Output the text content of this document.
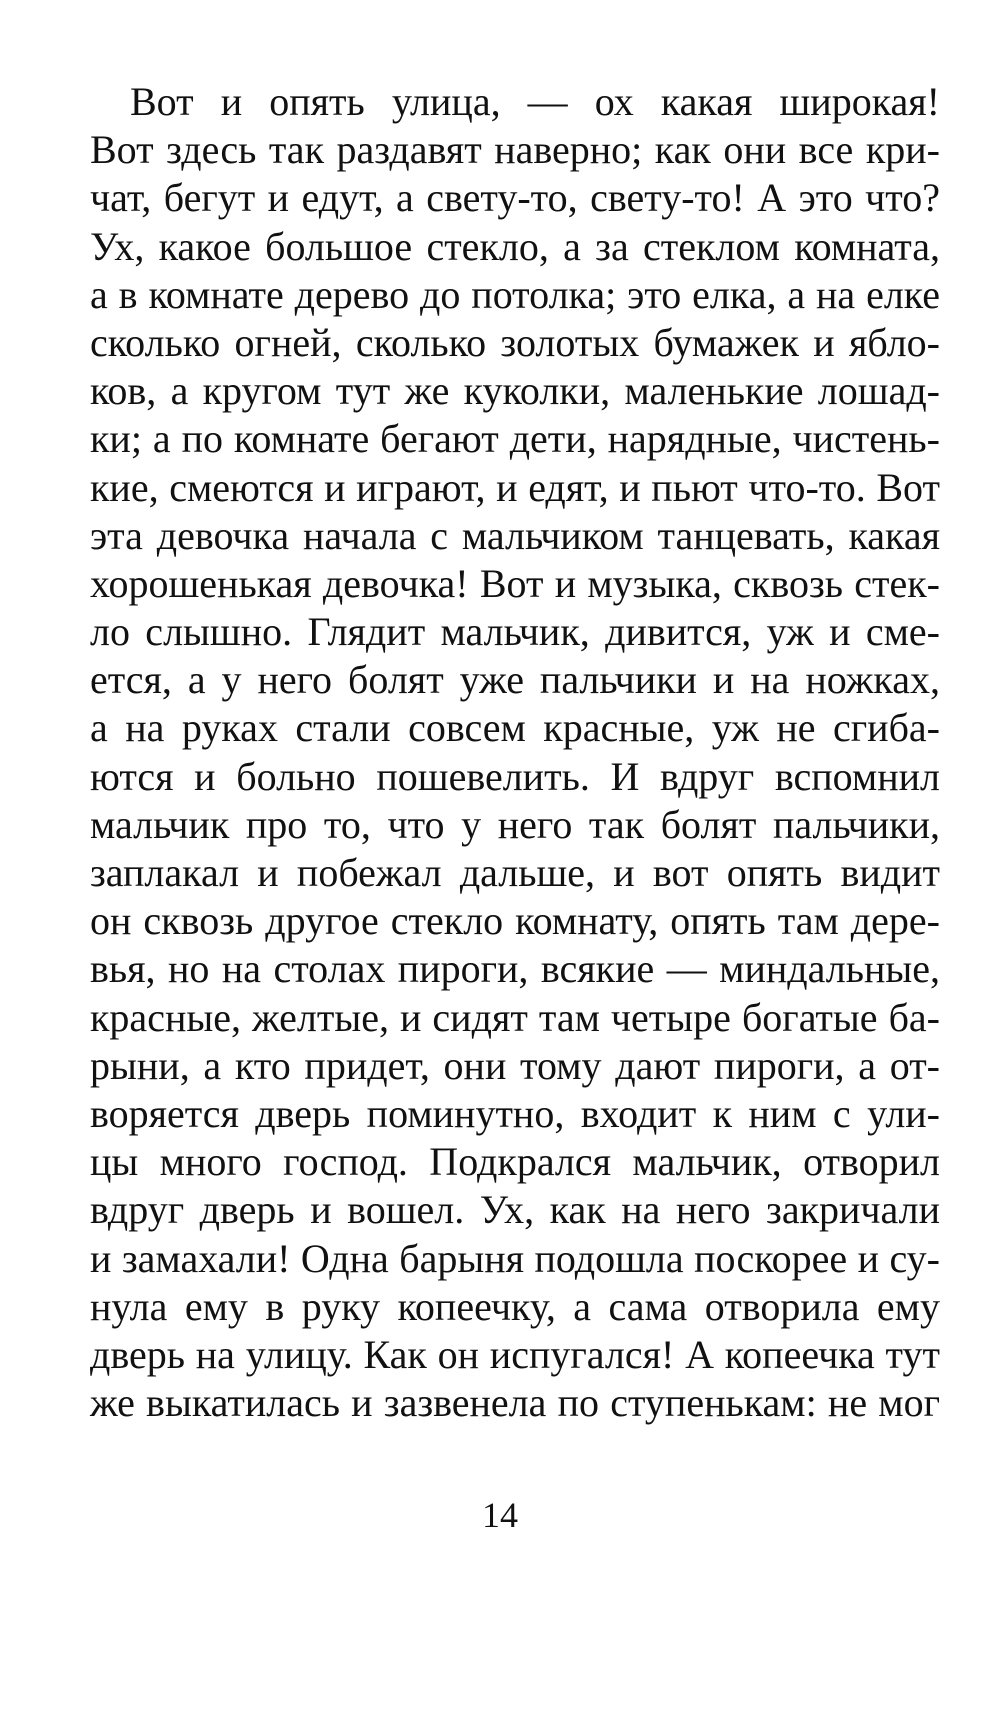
Вот и опять улица, — ох какая широкая!
Вот здесь так раздавят наверно; как они все кри-
чат, бегут и едут, а свету-то, свету-то! А это что?
Ух, какое большое стекло, а за стеклом комната,
а в комнате дерево до потолка; это елка, а на елке
сколько огней, сколько золотых бумажек и ябло-
ков, а кругом тут же куколки, маленькие лошад-
ки; а по комнате бегают дети, нарядные, чистень-
кие, смеются и играют, и едят, и пьют что-то. Вот
эта девочка начала с мальчиком танцевать, какая
хорошенькая девочка! Вот и музыка, сквозь стек-
ло слышно. Глядит мальчик, дивится, уж и сме-
ется, а у него болят уже пальчики и на ножках,
а на руках стали совсем красные, уж не сгиба-
ются и больно пошевелить. И вдруг вспомнил
мальчик про то, что у него так болят пальчики,
заплакал и побежал дальше, и вот опять видит
он сквозь другое стекло комнату, опять там дере-
вья, но на столах пироги, всякие — миндальные,
красные, желтые, и сидят там четыре богатые ба-
рыни, а кто придет, они тому дают пироги, а от-
воряется дверь поминутно, входит к ним с ули-
цы много господ. Подкрался мальчик, отворил
вдруг дверь и вошел. Ух, как на него закричали
и замахали! Одна барыня подошла поскорее и су-
нула ему в руку копеечку, а сама отворила ему
дверь на улицу. Как он испугался! А копеечка тут
же выкатилась и зазвенела по ступенькам: не мог
14
